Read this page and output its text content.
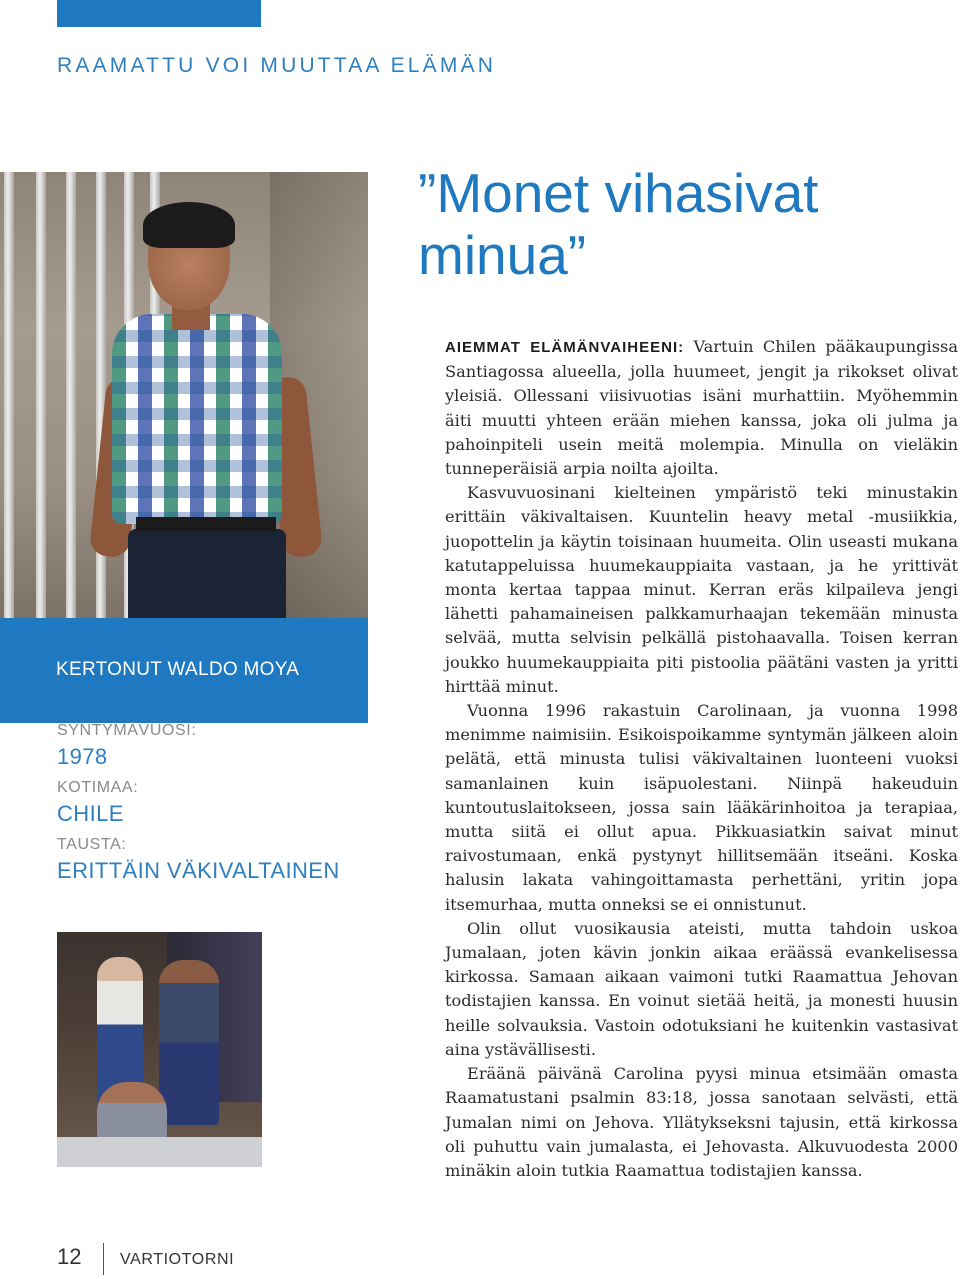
RAAMATTU VOI MUUTTAA ELÄMÄN
KERTONUT WALDO MOYA
SYNTYMÄVUOSI:
1978
KOTIMAA:
CHILE
TAUSTA:
ERITTÄIN VÄKIVALTAINEN
”Monet vihasivat minua”

AIEMMAT ELÄMÄNVAIHEENI: Vartuin Chilen pääkaupungissa Santiagossa alueella, jolla huumeet, jengit ja rikokset olivat yleisiä. Ollessani viisivuotias isäni murhattiin. Myöhemmin äiti muutti yhteen erään miehen kanssa, joka oli julma ja pahoinpiteli usein meitä molempia. Minulla on vieläkin tunneperäisiä arpia noilta ajoilta.

Kasvuvuosinani kielteinen ympäristö teki minustakin erittäin väkivaltaisen. Kuuntelin heavy metal -musiikkia, juopottelin ja käytin toisinaan huumeita. Olin useasti mukana katutappeluissa huumekauppiaita vastaan, ja he yrittivät monta kertaa tappaa minut. Kerran eräs kilpaileva jengi lähetti pahamaineisen palkkamurhaajan tekemään minusta selvää, mutta selvisin pelkällä pistohaavalla. Toisen kerran joukko huumekauppiaita piti pistoolia päätäni vasten ja yritti hirttää minut.

Vuonna 1996 rakastuin Carolinaan, ja vuonna 1998 menimme naimisiin. Esikoispoikamme syntymän jälkeen aloin pelätä, että minusta tulisi väkivaltainen luonteeni vuoksi samanlainen kuin isäpuolestani. Niinpä hakeuduin kuntoutuslaitokseen, jossa sain lääkärinhoitoa ja terapiaa, mutta siitä ei ollut apua. Pikkuasiatkin saivat minut raivostumaan, enkä pystynyt hillitsemään itseäni. Koska halusin lakata vahingoittamasta perhettäni, yritin jopa itsemurhaa, mutta onneksi se ei onnistunut.

Olin ollut vuosikausia ateisti, mutta tahdoin uskoa Jumalaan, joten kävin jonkin aikaa eräässä evankelisessa kirkossa. Samaan aikaan vaimoni tutki Raamattua Jehovan todistajien kanssa. En voinut sietää heitä, ja monesti huusin heille solvauksia. Vastoin odotuksiani he kuitenkin vastasivat aina ystävällisesti.

Eräänä päivänä Carolina pyysi minua etsimään omasta Raamatustani psalmin 83:18, jossa sanotaan selvästi, että Jumalan nimi on Jehova. Yllätykseksni tajusin, että kirkossa oli puhuttu vain jumalasta, ei Jehovasta. Alkuvuodesta 2000 minäkin aloin tutkia Raamattua todistajien kanssa.

12 VARTIOTORNI
